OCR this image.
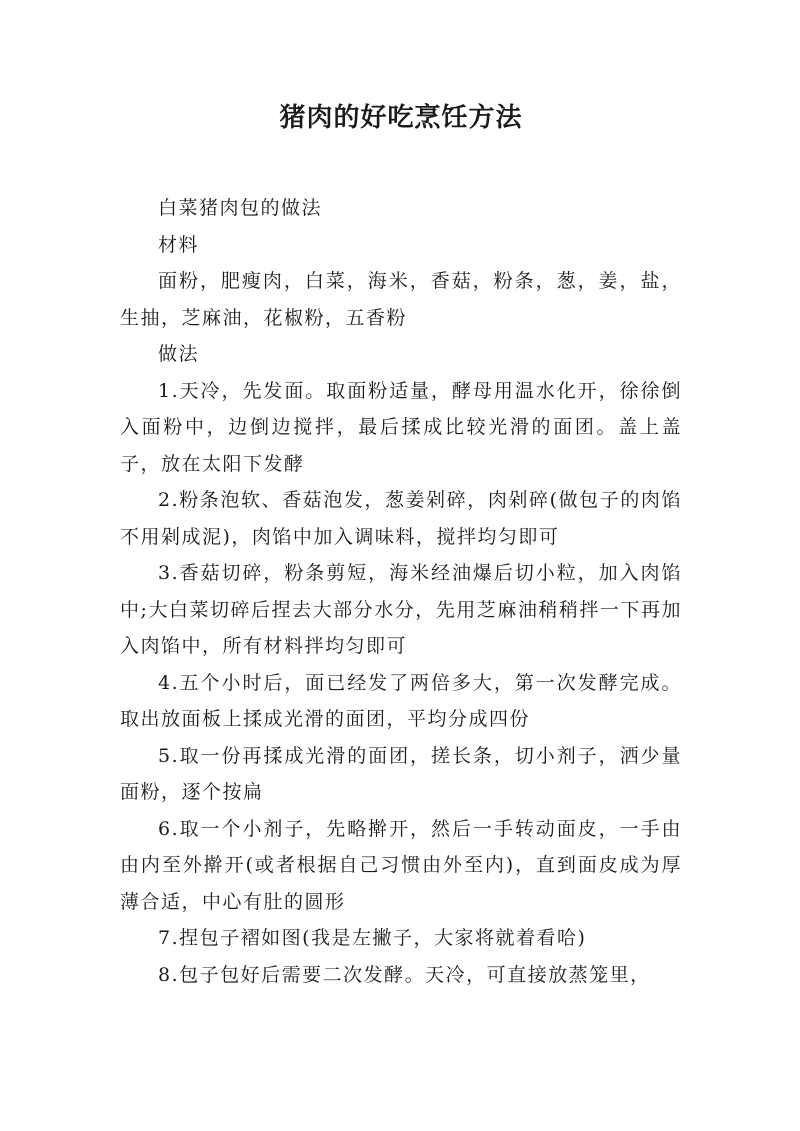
猪肉的好吃烹饪方法

白菜猪肉包的做法

材料

面粉，肥瘦肉，白菜，海米，香菇，粉条，葱，姜，盐，生抽，芝麻油，花椒粉，五香粉

做法

1.天冷，先发面。取面粉适量，酵母用温水化开，徐徐倒入面粉中，边倒边搅拌，最后揉成比较光滑的面团。盖上盖子，放在太阳下发酵

2.粉条泡软、香菇泡发，葱姜剁碎，肉剁碎(做包子的肉馅不用剁成泥)，肉馅中加入调味料，搅拌均匀即可

3.香菇切碎，粉条剪短，海米经油爆后切小粒，加入肉馅中;大白菜切碎后捏去大部分水分，先用芝麻油稍稍拌一下再加入肉馅中，所有材料拌均匀即可

4.五个小时后，面已经发了两倍多大，第一次发酵完成。取出放面板上揉成光滑的面团，平均分成四份

5.取一份再揉成光滑的面团，搓长条，切小剂子，洒少量面粉，逐个按扁

6.取一个小剂子，先略擀开，然后一手转动面皮，一手由由内至外擀开(或者根据自己习惯由外至内)，直到面皮成为厚薄合适，中心有肚的圆形

7.捏包子褶如图(我是左撇子，大家将就着看哈)

8.包子包好后需要二次发酵。天冷，可直接放蒸笼里，
